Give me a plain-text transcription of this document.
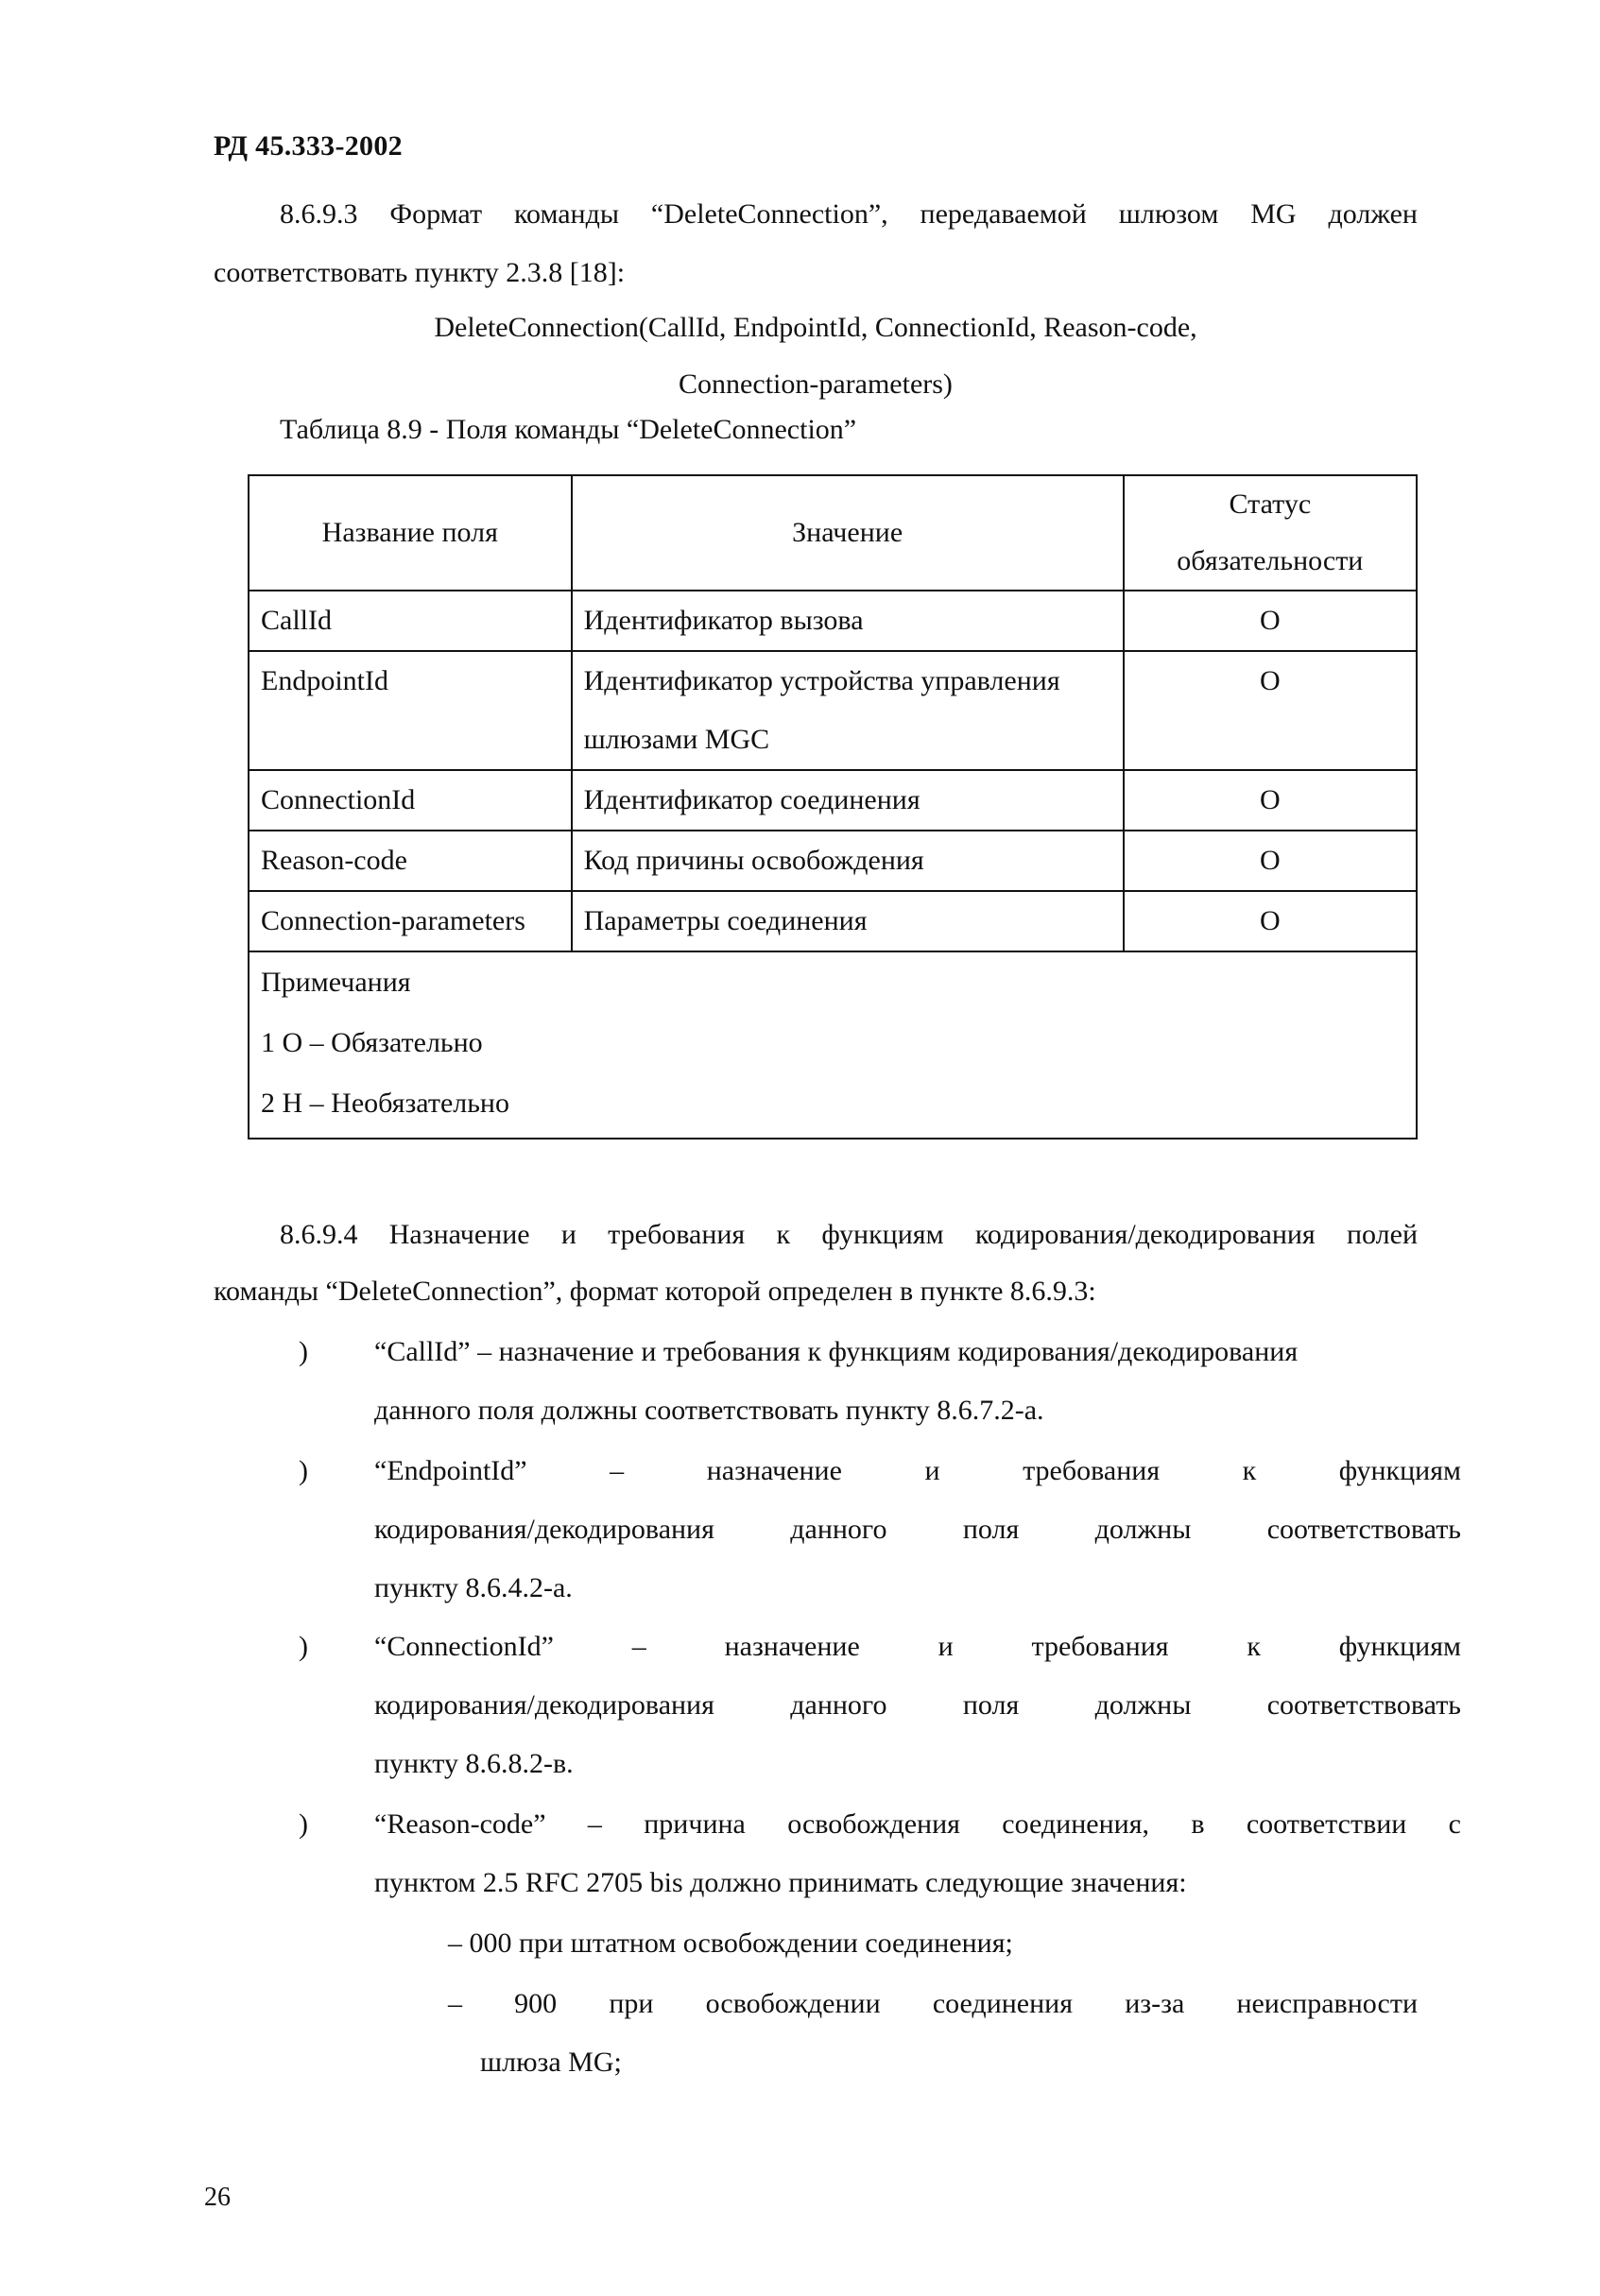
РД 45.333-2002
8.6.9.3 Формат команды “DeleteConnection”, передаваемой шлюзом MG должен
соответствовать пункту 2.3.8 [18]:
DeleteConnection(CallId, EndpointId, ConnectionId, Reason-code,
Connection-parameters)
Таблица 8.9 - Поля команды “DeleteConnection”
Название поля	Значение	Статус
обязательности
CallId	Идентификатор вызова	О
EndpointId	Идентификатор устройства управления
шлюзами MGC	О
ConnectionId	Идентификатор соединения	О
Reason-code	Код причины освобождения	О
Connection-parameters	Параметры соединения	О

Примечания
1 О – Обязательно
2 Н – Необязательно		
8.6.9.4 Назначение и требования к функциям кодирования/декодирования полей
команды “DeleteConnection”, формат которой определен в пункте 8.6.9.3:
) “CallId” – назначение и требования к функциям кодирования/декодирования
данного поля должны соответствовать пункту 8.6.7.2-а.
) “EndpointId” – назначение и требования к функциям
кодирования/декодирования данного поля должны соответствовать
пункту 8.6.4.2-а.
) “ConnectionId” – назначение и требования к функциям
кодирования/декодирования данного поля должны соответствовать
пункту 8.6.8.2-в.
) “Reason-code” – причина освобождения соединения, в соответствии с
пунктом 2.5 RFC 2705 bis должно принимать следующие значения:
– 000 при штатном освобождении соединения;
– 900 при освобождении соединения из-за неисправности
шлюза MG;
26
